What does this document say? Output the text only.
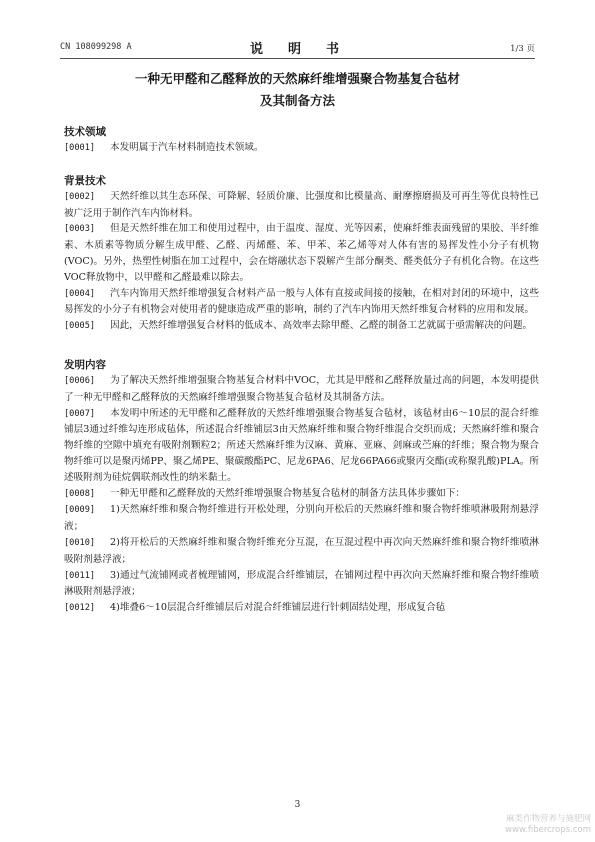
CN 108099298 A	说　明　书	1/3 页
一种无甲醛和乙醛释放的天然麻纤维增强聚合物基复合毡材
及其制备方法

技术领域

[0001] 本发明属于汽车材料制造技术领域。

背景技术

[0002] 天然纤维以其生态环保、可降解、轻质价廉、比强度和比模量高、耐摩擦磨损及可再生等优良特性已被广泛用于制作汽车内饰材料。

[0003] 但是天然纤维在加工和使用过程中，由于温度、湿度、光等因素，使麻纤维表面残留的果胶、半纤维素、木质素等物质分解生成甲醛、乙醛、丙烯醛、苯、甲苯、苯乙烯等对人体有害的易挥发性小分子有机物(VOC)。另外，热塑性树脂在加工过程中，会在熔融状态下裂解产生部分酮类、醛类低分子有机化合物。在这些VOC释放物中，以甲醛和乙醛最难以除去。

[0004] 汽车内饰用天然纤维增强复合材料产品一般与人体有直接或间接的接触，在相对封闭的环境中，这些易挥发的小分子有机物会对使用者的健康造成严重的影响，制约了汽车内饰用天然纤维复合材料的应用和发展。

[0005] 因此，天然纤维增强复合材料的低成本、高效率去除甲醛、乙醛的制备工艺就属于亟需解决的问题。

发明内容

[0006] 为了解决天然纤维增强聚合物基复合材料中VOC，尤其是甲醛和乙醛释放量过高的问题，本发明提供了一种无甲醛和乙醛释放的天然麻纤维增强聚合物基复合毡材及其制备方法。

[0007] 本发明中所述的无甲醛和乙醛释放的天然纤维增强聚合物基复合毡材，该毡材由6～10层的混合纤维铺层3通过纤维勾连形成毡体，所述混合纤维铺层3由天然麻纤维和聚合物纤维混合交织而成；天然麻纤维和聚合物纤维的空隙中填充有吸附剂颗粒2；所述天然麻纤维为汉麻、黄麻、亚麻、剑麻或苎麻的纤维；聚合物为聚合物纤维可以是聚丙烯PP、聚乙烯PE、聚碳酸酯PC、尼龙6PA6、尼龙66PA66或聚丙交酯(或称聚乳酸)PLA。所述吸附剂为硅烷偶联剂改性的纳米黏土。

[0008] 一种无甲醛和乙醛释放的天然纤维增强聚合物基复合毡材的制备方法具体步骤如下：

[0009] 1)天然麻纤维和聚合物纤维进行开松处理，分别向开松后的天然麻纤维和聚合物纤维喷淋吸附剂悬浮液；

[0010] 2)将开松后的天然麻纤维和聚合物纤维充分互混，在互混过程中再次向天然麻纤维和聚合物纤维喷淋吸附剂悬浮液；

[0011] 3)通过气流铺网或者梳理铺网，形成混合纤维铺层，在铺网过程中再次向天然麻纤维和聚合物纤维喷淋吸附剂悬浮液；

[0012] 4)堆叠6～10层混合纤维铺层后对混合纤维铺层进行针刺固结处理，形成复合毡

3
麻类作物营养与施肥网
www.fibercrops.com
